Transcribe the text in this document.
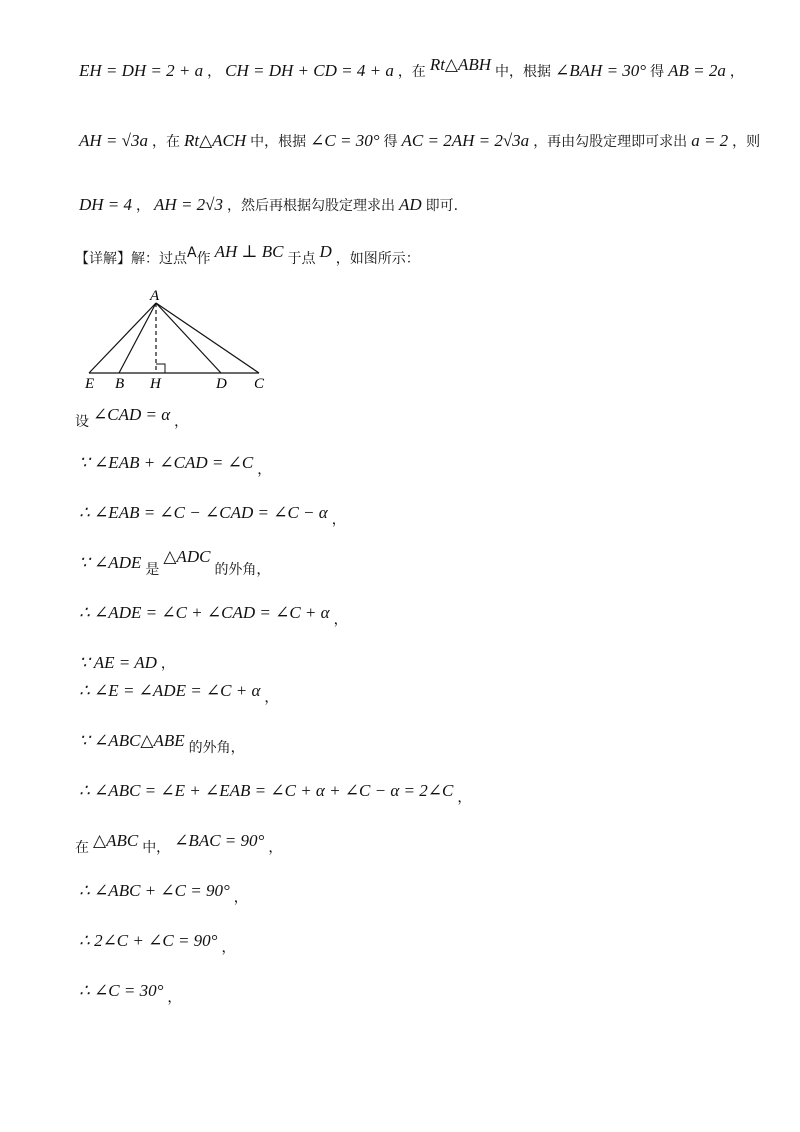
EH = DH = 2 + a ， CH = DH + CD = 4 + a ，在 Rt△ABH 中，根据 ∠BAH = 30° 得 AB = 2a ，
AH = √3a ，在 Rt△ACH 中，根据 ∠C = 30° 得 AC = 2AH = 2√3a ，再由勾股定理即可求出 a = 2 ，则
DH = 4 ， AH = 2√3 ，然后再根据勾股定理求出 AD 即可.
【详解】解：过点A作 AH ⊥ BC 于点 D ，如图所示：
设 ∠CAD = α ，
∵ ∠EAB + ∠CAD = ∠C ，
∴ ∠EAB = ∠C − ∠CAD = ∠C − α ，
∵ ∠ADE 是△ADC的外角，
∴ ∠ADE = ∠C + ∠CAD = ∠C + α ，
∵ AE = AD ，
∴ ∠E = ∠ADE = ∠C + α ，
∵ ∠ABC△ABE 的外角，
∴ ∠ABC = ∠E + ∠EAB = ∠C + α + ∠C − α = 2∠C ，
在 △ABC 中， ∠BAC = 90° ，
∴ ∠ABC + ∠C = 90° ，
∴ 2∠C + ∠C = 90° ，
∴ ∠C = 30° ，
A
E B H	D C
